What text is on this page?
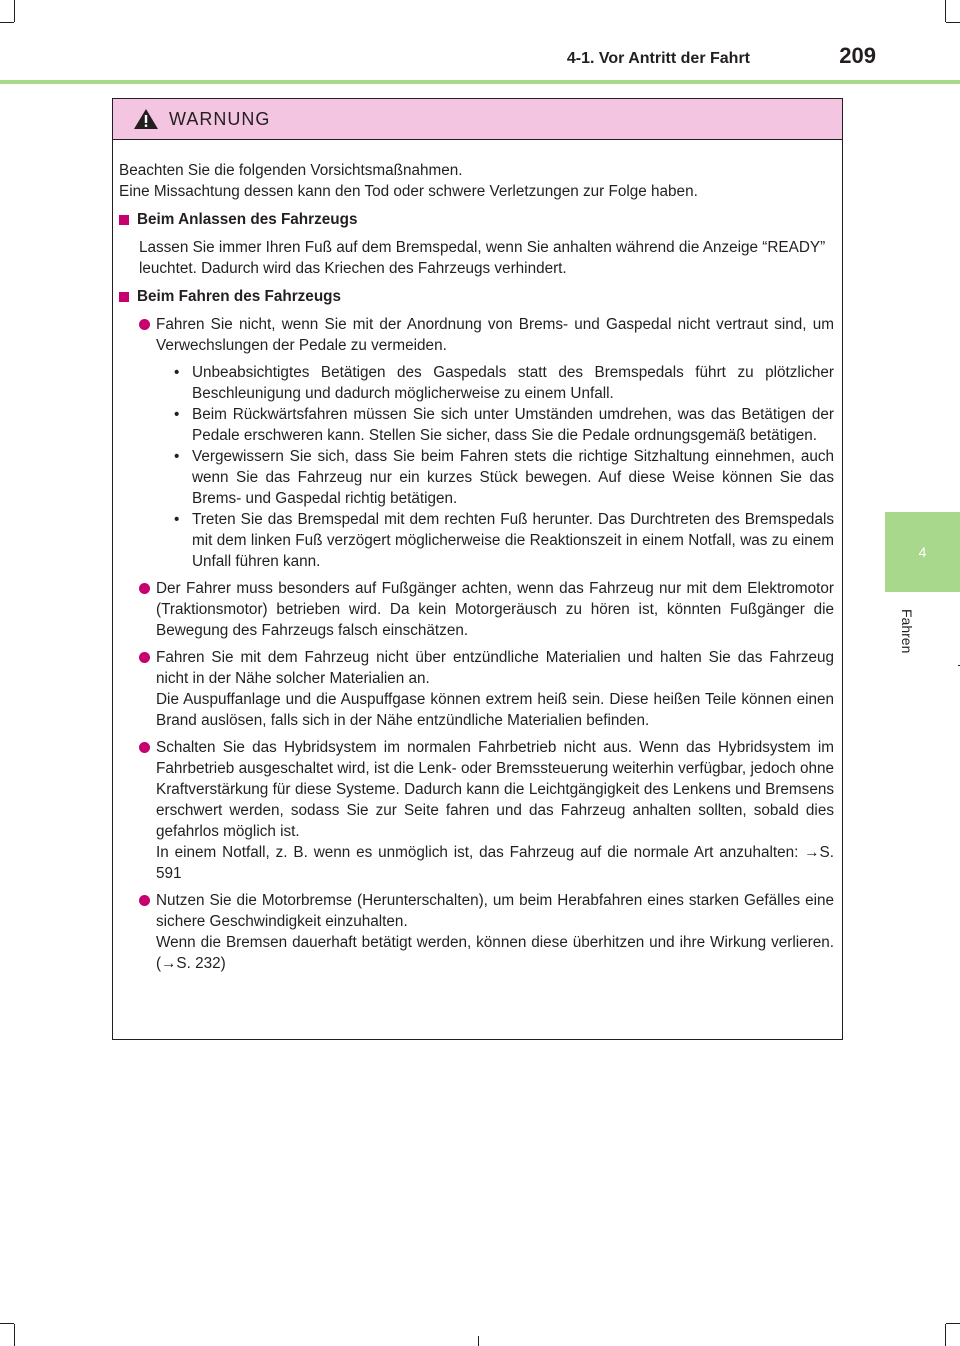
4-1. Vor Antritt der Fahrt	209
4
Fahren
WARNUNG

Beachten Sie die folgenden Vorsichtsmaßnahmen.

Eine Missachtung dessen kann den Tod oder schwere Verletzungen zur Folge haben.

Beim Anlassen des Fahrzeugs

Lassen Sie immer Ihren Fuß auf dem Bremspedal, wenn Sie anhalten während die Anzeige “READY” leuchtet. Dadurch wird das Kriechen des Fahrzeugs verhindert.

Beim Fahren des Fahrzeugs

Fahren Sie nicht, wenn Sie mit der Anordnung von Brems- und Gaspedal nicht vertraut sind, um Verwechslungen der Pedale zu vermeiden.

• Unbeabsichtigtes Betätigen des Gaspedals statt des Bremspedals führt zu plötzlicher Beschleunigung und dadurch möglicherweise zu einem Unfall.
• Beim Rückwärtsfahren müssen Sie sich unter Umständen umdrehen, was das Betätigen der Pedale erschweren kann. Stellen Sie sicher, dass Sie die Pedale ordnungsgemäß betätigen.
• Vergewissern Sie sich, dass Sie beim Fahren stets die richtige Sitzhaltung einnehmen, auch wenn Sie das Fahrzeug nur ein kurzes Stück bewegen. Auf diese Weise können Sie das Brems- und Gaspedal richtig betätigen.
• Treten Sie das Bremspedal mit dem rechten Fuß herunter. Das Durchtreten des Bremspedals mit dem linken Fuß verzögert möglicherweise die Reaktionszeit in einem Notfall, was zu einem Unfall führen kann.

Der Fahrer muss besonders auf Fußgänger achten, wenn das Fahrzeug nur mit dem Elektromotor (Traktionsmotor) betrieben wird. Da kein Motorgeräusch zu hören ist, könnten Fußgänger die Bewegung des Fahrzeugs falsch einschätzen.

Fahren Sie mit dem Fahrzeug nicht über entzündliche Materialien und halten Sie das Fahrzeug nicht in der Nähe solcher Materialien an.

Die Auspuffanlage und die Auspuffgase können extrem heiß sein. Diese heißen Teile können einen Brand auslösen, falls sich in der Nähe entzündliche Materialien befinden.

Schalten Sie das Hybridsystem im normalen Fahrbetrieb nicht aus. Wenn das Hybridsystem im Fahrbetrieb ausgeschaltet wird, ist die Lenk- oder Bremssteuerung weiterhin verfügbar, jedoch ohne Kraftverstärkung für diese Systeme. Dadurch kann die Leichtgängigkeit des Lenkens und Bremsens erschwert werden, sodass Sie zur Seite fahren und das Fahrzeug anhalten sollten, sobald dies gefahrlos möglich ist.

In einem Notfall, z. B. wenn es unmöglich ist, das Fahrzeug auf die normale Art anzuhalten: →S. 591

Nutzen Sie die Motorbremse (Herunterschalten), um beim Herabfahren eines starken Gefälles eine sichere Geschwindigkeit einzuhalten.

Wenn die Bremsen dauerhaft betätigt werden, können diese überhitzen und ihre Wirkung verlieren. (→S. 232)
